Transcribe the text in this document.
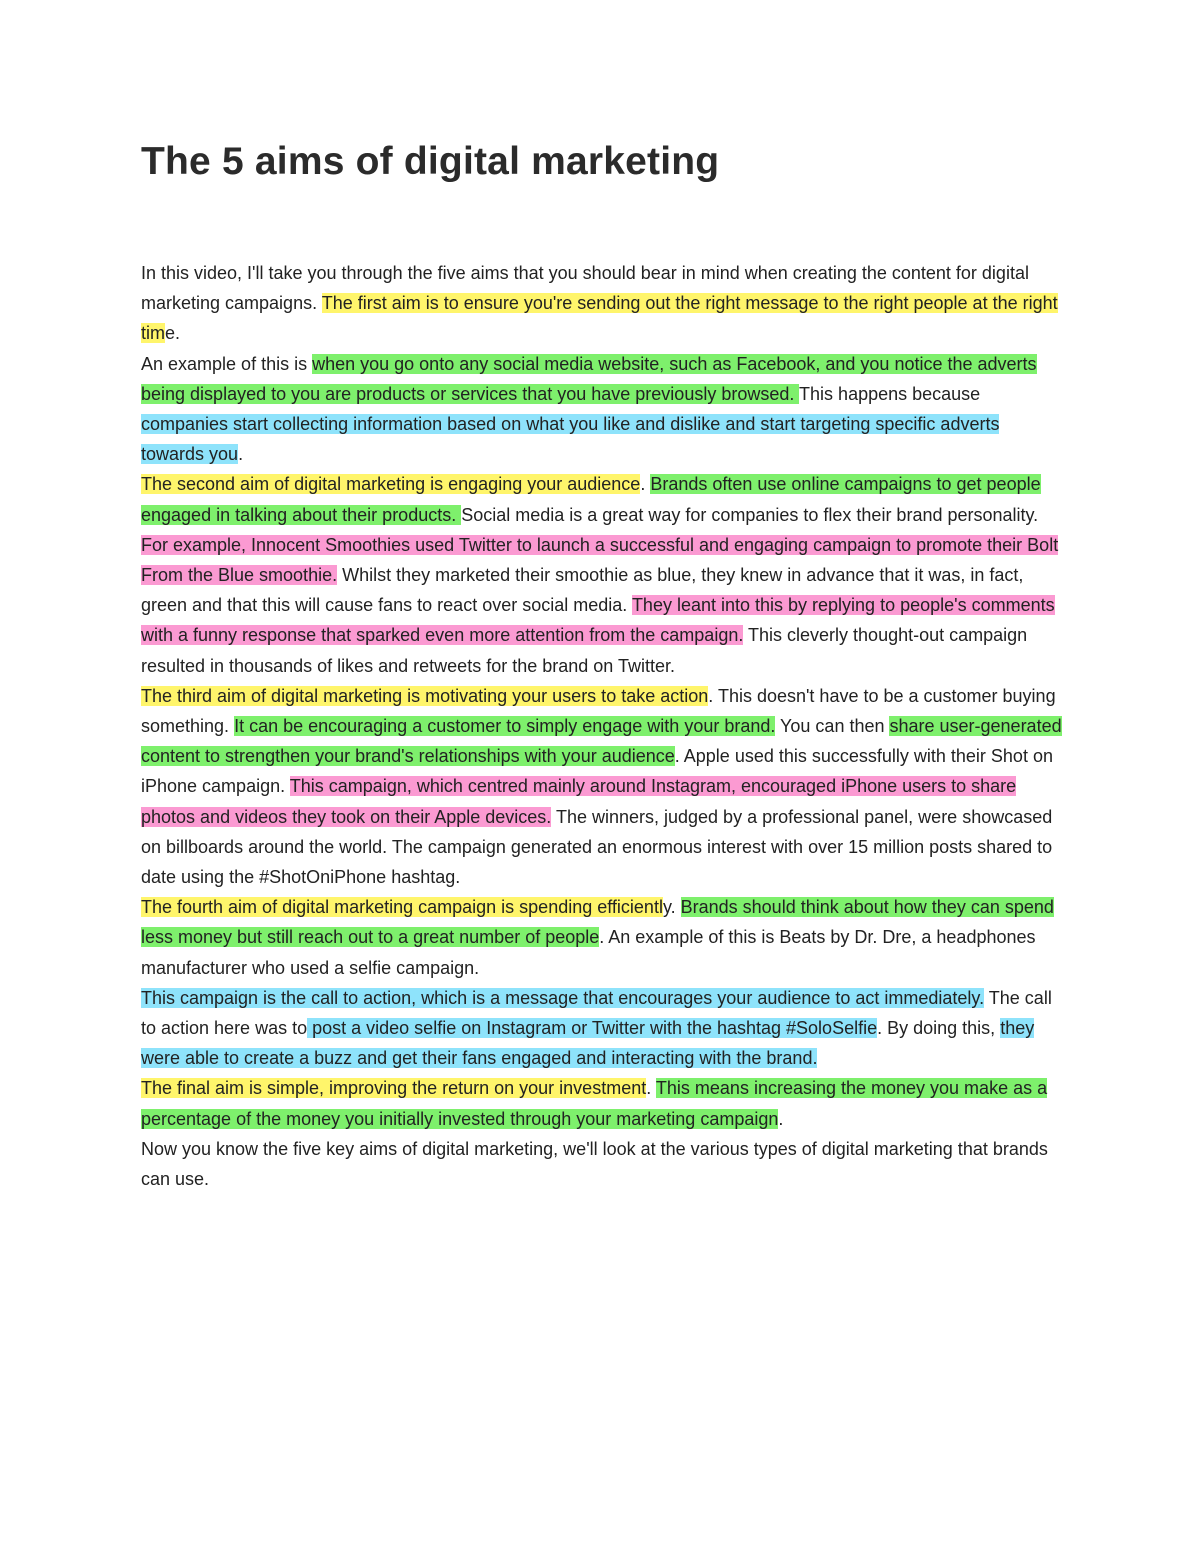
The 5 aims of digital marketing

In this video, I'll take you through the five aims that you should bear in mind when creating the content for digital marketing campaigns. The first aim is to ensure you're sending out the right message to the right people at the right time.

An example of this is when you go onto any social media website, such as Facebook, and you notice the adverts being displayed to you are products or services that you have previously browsed. This happens because companies start collecting information based on what you like and dislike and start targeting specific adverts towards you.

The second aim of digital marketing is engaging your audience. Brands often use online campaigns to get people engaged in talking about their products. Social media is a great way for companies to flex their brand personality.

For example, Innocent Smoothies used Twitter to launch a successful and engaging campaign to promote their Bolt From the Blue smoothie. Whilst they marketed their smoothie as blue, they knew in advance that it was, in fact, green and that this will cause fans to react over social media. They leant into this by replying to people's comments with a funny response that sparked even more attention from the campaign. This cleverly thought-out campaign resulted in thousands of likes and retweets for the brand on Twitter.

The third aim of digital marketing is motivating your users to take action. This doesn't have to be a customer buying something. It can be encouraging a customer to simply engage with your brand. You can then share user-generated content to strengthen your brand's relationships with your audience. Apple used this successfully with their Shot on iPhone campaign. This campaign, which centred mainly around Instagram, encouraged iPhone users to share photos and videos they took on their Apple devices. The winners, judged by a professional panel, were showcased on billboards around the world. The campaign generated an enormous interest with over 15 million posts shared to date using the #ShotOniPhone hashtag.

The fourth aim of digital marketing campaign is spending efficiently. Brands should think about how they can spend less money but still reach out to a great number of people. An example of this is Beats by Dr. Dre, a headphones manufacturer who used a selfie campaign.

This campaign is the call to action, which is a message that encourages your audience to act immediately. The call to action here was to post a video selfie on Instagram or Twitter with the hashtag #SoloSelfie. By doing this, they were able to create a buzz and get their fans engaged and interacting with the brand.

The final aim is simple, improving the return on your investment. This means increasing the money you make as a percentage of the money you initially invested through your marketing campaign.

Now you know the five key aims of digital marketing, we'll look at the various types of digital marketing that brands can use.
